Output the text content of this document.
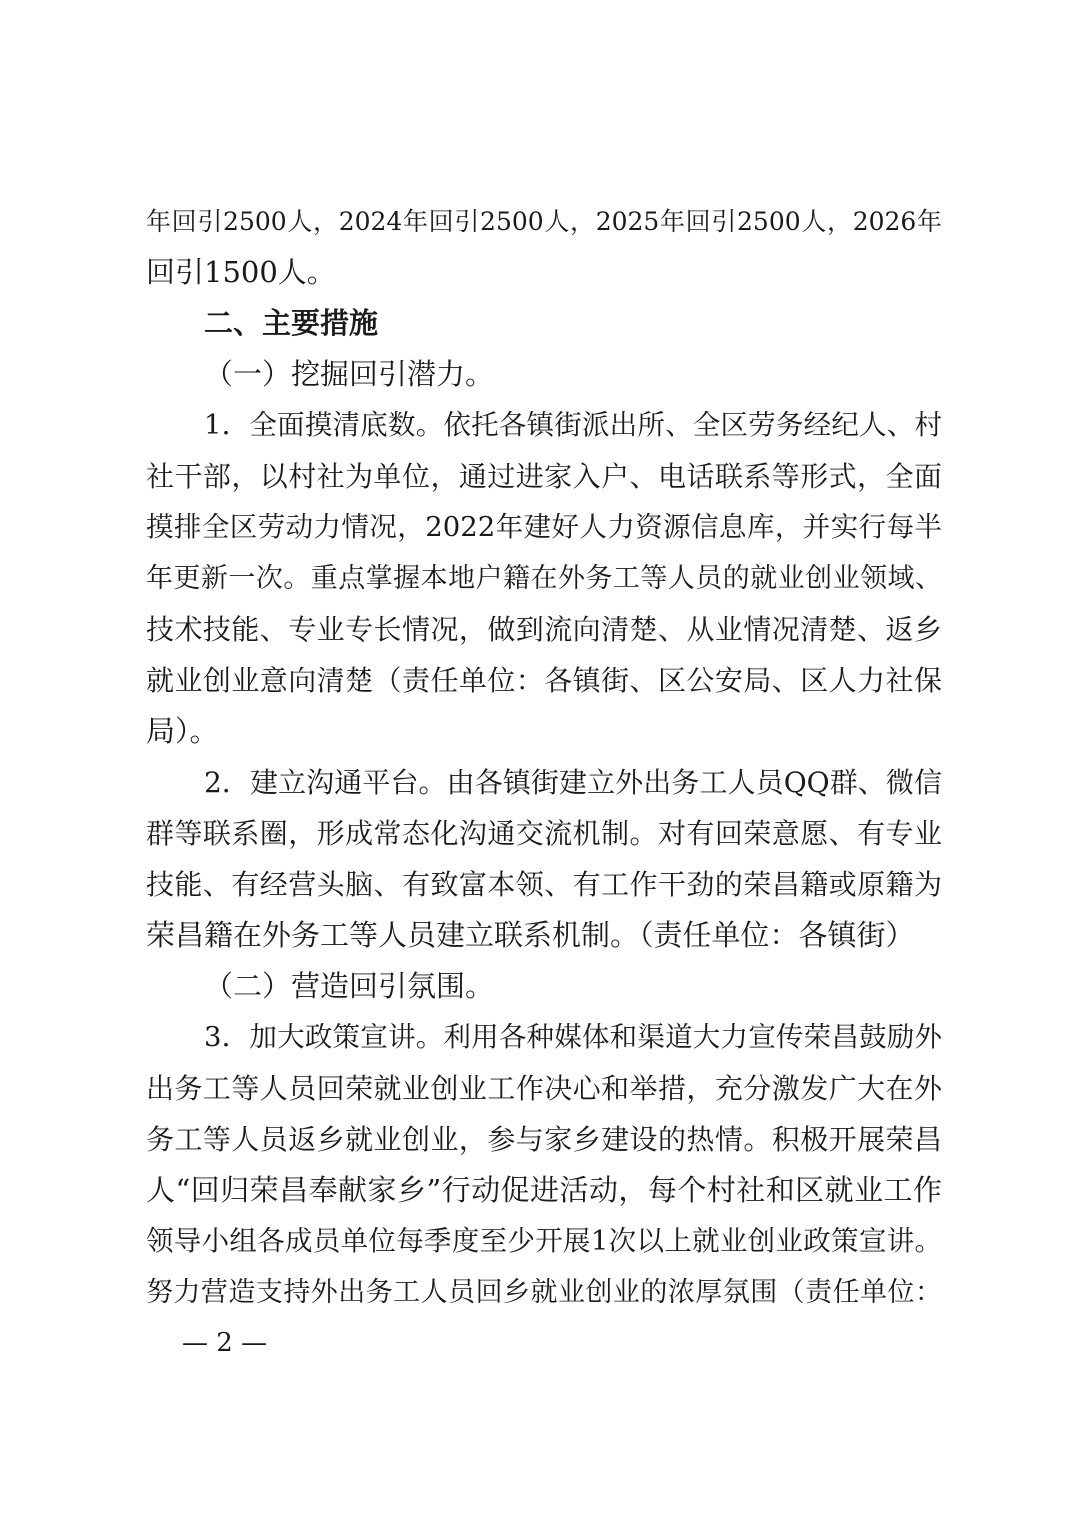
年回引2500人，2024年回引2500人，2025年回引2500人，2026年
回引1500人。
二、主要措施
（一）挖掘回引潜力。
1．全面摸清底数。依托各镇街派出所、全区劳务经纪人、村
社干部，以村社为单位，通过进家入户、电话联系等形式，全面
摸排全区劳动力情况，2022年建好人力资源信息库，并实行每半
年更新一次。重点掌握本地户籍在外务工等人员的就业创业领域、
技术技能、专业专长情况，做到流向清楚、从业情况清楚、返乡
就业创业意向清楚（责任单位：各镇街、区公安局、区人力社保
局）。
2．建立沟通平台。由各镇街建立外出务工人员QQ群、微信
群等联系圈，形成常态化沟通交流机制。对有回荣意愿、有专业
技能、有经营头脑、有致富本领、有工作干劲的荣昌籍或原籍为
荣昌籍在外务工等人员建立联系机制。（责任单位：各镇街）
（二）营造回引氛围。
3．加大政策宣讲。利用各种媒体和渠道大力宣传荣昌鼓励外
出务工等人员回荣就业创业工作决心和举措，充分激发广大在外
务工等人员返乡就业创业，参与家乡建设的热情。积极开展荣昌
人“回归荣昌奉献家乡”行动促进活动，每个村社和区就业工作
领导小组各成员单位每季度至少开展1次以上就业创业政策宣讲。
努力营造支持外出务工人员回乡就业创业的浓厚氛围（责任单位：
— 2 —
